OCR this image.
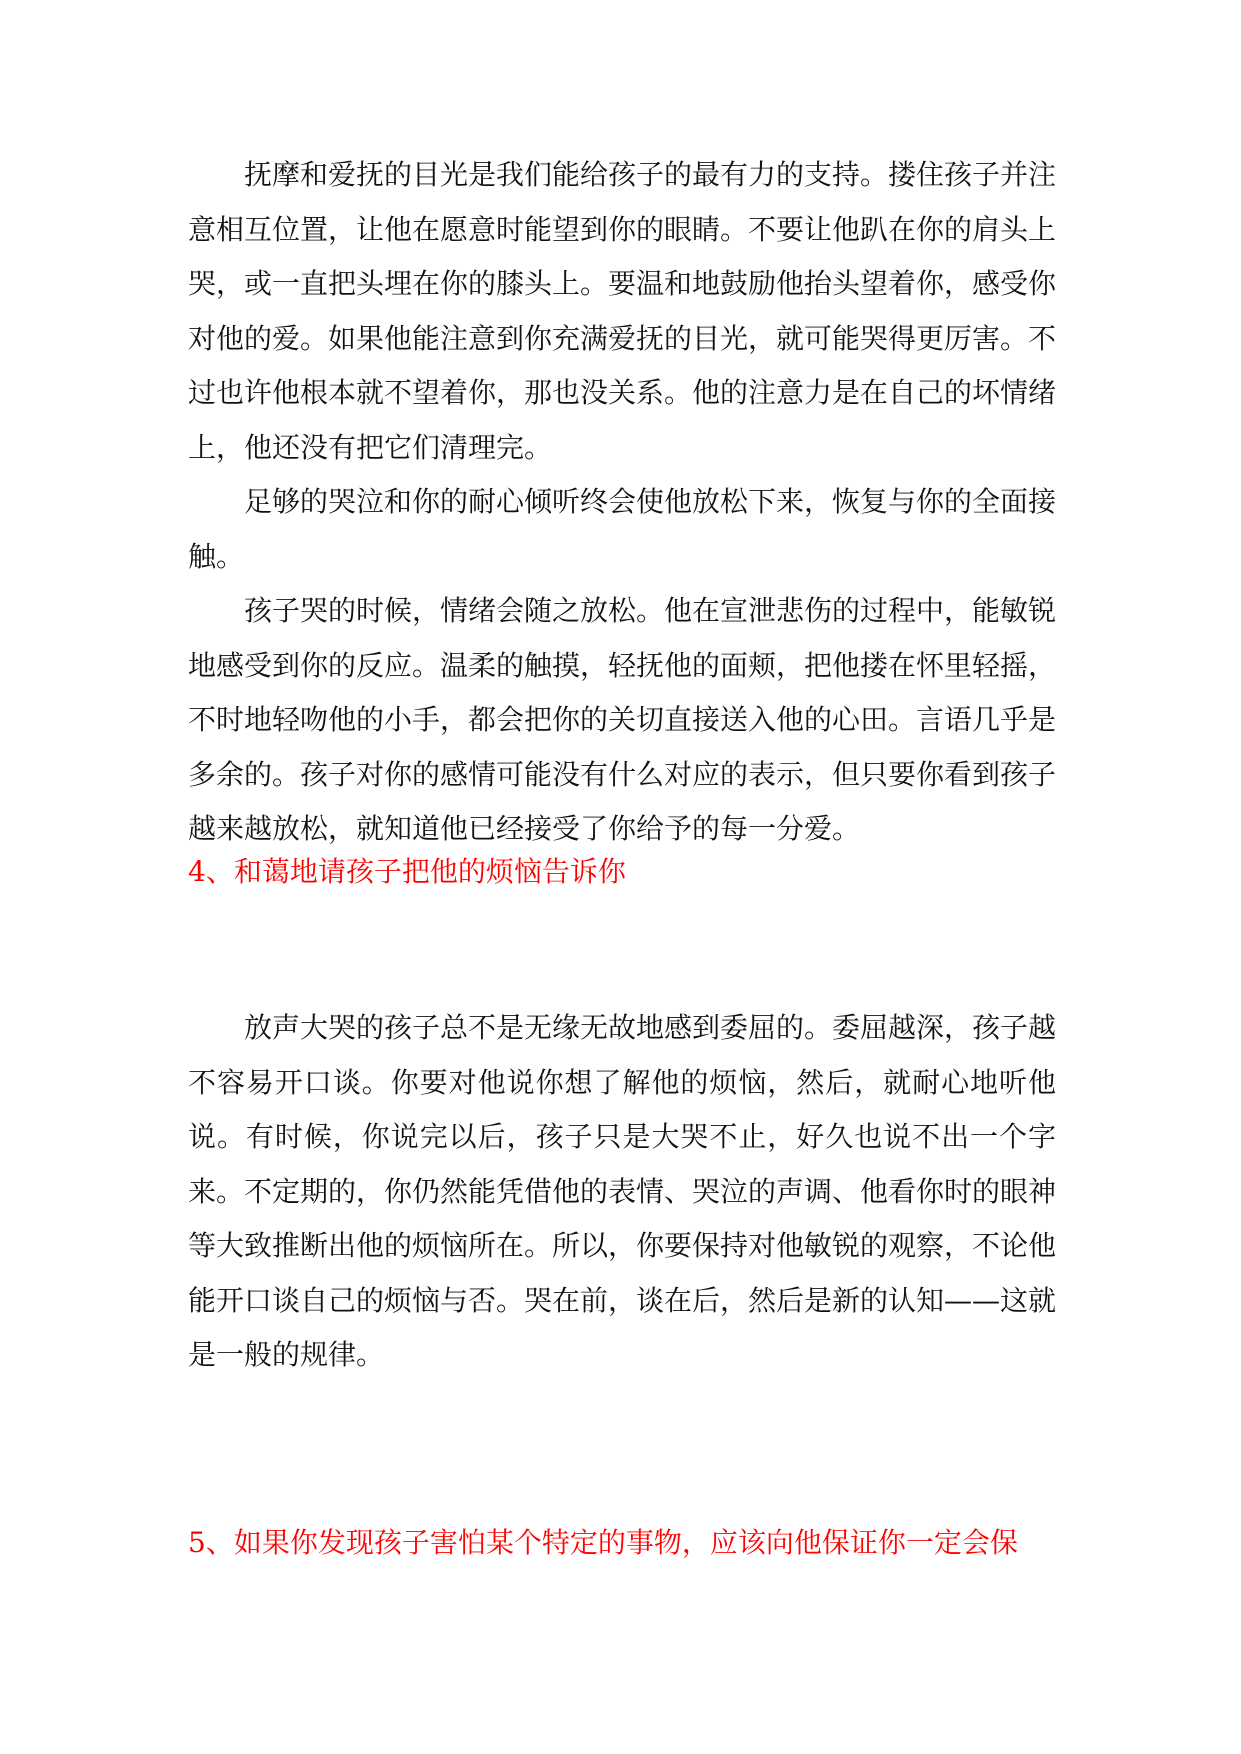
抚摩和爱抚的目光是我们能给孩子的最有力的支持。搂住孩子并注意相互位置，让他在愿意时能望到你的眼睛。不要让他趴在你的肩头上哭，或一直把头埋在你的膝头上。要温和地鼓励他抬头望着你，感受你对他的爱。如果他能注意到你充满爱抚的目光，就可能哭得更厉害。不过也许他根本就不望着你，那也没关系。他的注意力是在自己的坏情绪上，他还没有把它们清理完。

足够的哭泣和你的耐心倾听终会使他放松下来，恢复与你的全面接触。

孩子哭的时候，情绪会随之放松。他在宣泄悲伤的过程中，能敏锐地感受到你的反应。温柔的触摸，轻抚他的面颊，把他搂在怀里轻摇，不时地轻吻他的小手，都会把你的关切直接送入他的心田。言语几乎是多余的。孩子对你的感情可能没有什么对应的表示，但只要你看到孩子越来越放松，就知道他已经接受了你给予的每一分爱。

4、和蔼地请孩子把他的烦恼告诉你

放声大哭的孩子总不是无缘无故地感到委屈的。委屈越深，孩子越不容易开口谈。你要对他说你想了解他的烦恼，然后，就耐心地听他说。有时候，你说完以后，孩子只是大哭不止，好久也说不出一个字来。不定期的，你仍然能凭借他的表情、哭泣的声调、他看你时的眼神等大致推断出他的烦恼所在。所以，你要保持对他敏锐的观察，不论他能开口谈自己的烦恼与否。哭在前，谈在后，然后是新的认知——这就是一般的规律。

5、如果你发现孩子害怕某个特定的事物，应该向他保证你一定会保
